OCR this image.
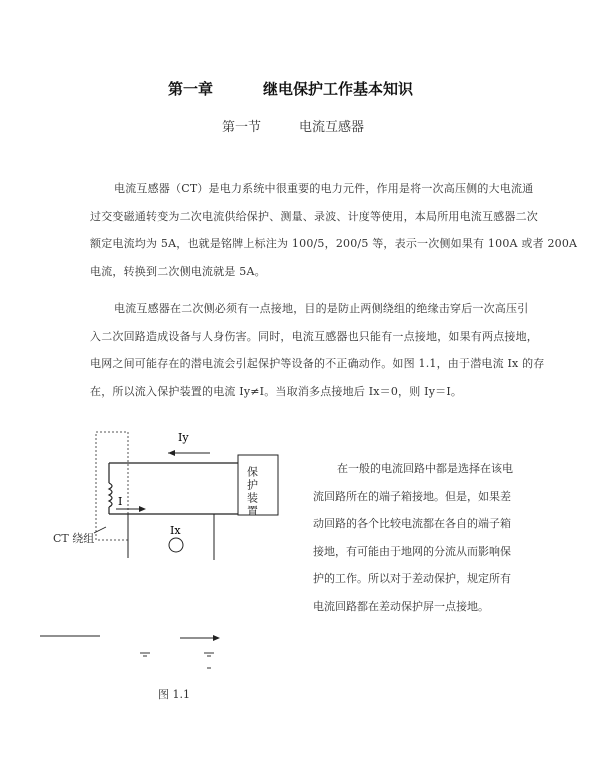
第一章	继电保护工作基本知识
第一节	电流互感器
电流互感器（CT）是电力系统中很重要的电力元件，作用是将一次高压侧的大电流通
过交变磁通转变为二次电流供给保护、测量、录波、计度等使用，本局所用电流互感器二次
额定电流均为 5A，也就是铭牌上标注为 100/5，200/5 等，表示一次侧如果有 100A 或者 200A
电流，转换到二次侧电流就是 5A。
电流互感器在二次侧必须有一点接地，目的是防止两侧绕组的绝缘击穿后一次高压引
入二次回路造成设备与人身伤害。同时，电流互感器也只能有一点接地，如果有两点接地，
电网之间可能存在的潜电流会引起保护等设备的不正确动作。如图 1.1，由于潜电流 Ix 的存
在，所以流入保护装置的电流 Iy≠I。当取消多点接地后 Ix＝0，则 Iy＝I。
Iy
I
Ix
保护装置
CT 绕组
在一般的电流回路中都是选择在该电
流回路所在的端子箱接地。但是，如果差
动回路的各个比较电流都在各自的端子箱
接地，有可能由于地网的分流从而影响保
护的工作。所以对于差动保护，规定所有
电流回路都在差动保护屏一点接地。
图 1.1
